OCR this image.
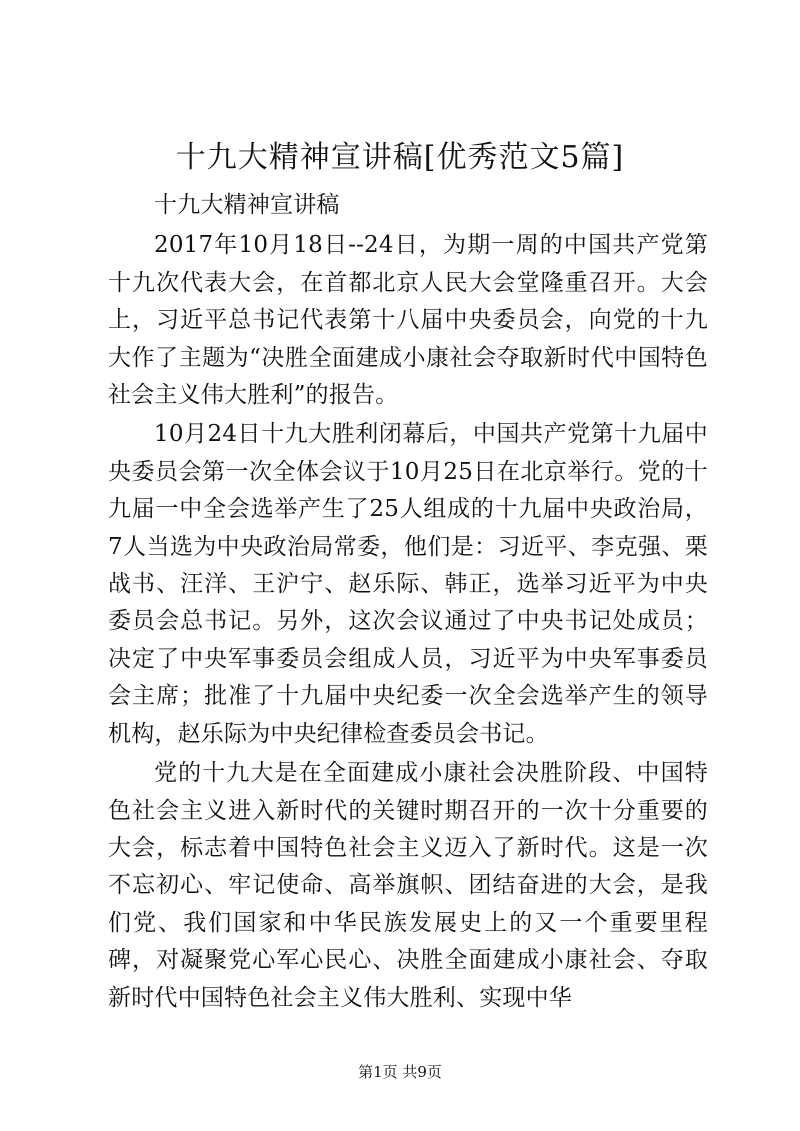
十九大精神宣讲稿[优秀范文5篇]

十九大精神宣讲稿

2017年10月18日--24日，为期一周的中国共产党第十九次代表大会，在首都北京人民大会堂隆重召开。大会上，习近平总书记代表第十八届中央委员会，向党的十九大作了主题为“决胜全面建成小康社会夺取新时代中国特色社会主义伟大胜利”的报告。

10月24日十九大胜利闭幕后，中国共产党第十九届中央委员会第一次全体会议于10月25日在北京举行。党的十九届一中全会选举产生了25人组成的十九届中央政治局，7人当选为中央政治局常委，他们是：习近平、李克强、栗战书、汪洋、王沪宁、赵乐际、韩正，选举习近平为中央委员会总书记。另外，这次会议通过了中央书记处成员；决定了中央军事委员会组成人员，习近平为中央军事委员会主席；批准了十九届中央纪委一次全会选举产生的领导机构，赵乐际为中央纪律检查委员会书记。

党的十九大是在全面建成小康社会决胜阶段、中国特色社会主义进入新时代的关键时期召开的一次十分重要的大会，标志着中国特色社会主义迈入了新时代。这是一次不忘初心、牢记使命、高举旗帜、团结奋进的大会，是我们党、我们国家和中华民族发展史上的又一个重要里程碑，对凝聚党心军心民心、决胜全面建成小康社会、夺取新时代中国特色社会主义伟大胜利、实现中华

第1页 共9页
